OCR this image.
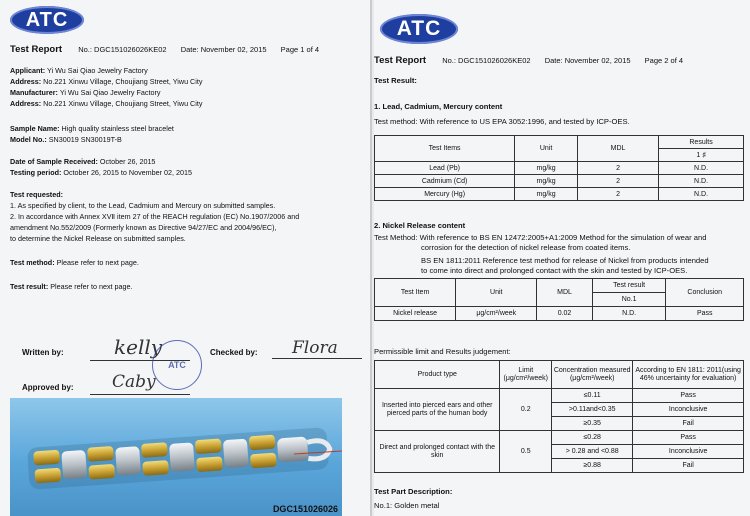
ATC
Test Report No.: DGC151026026KE02 Date: November 02, 2015 Page 1 of 4
Applicant: Yi Wu Sai Qiao Jewelry Factory
Address: No.221 Xinwu Village, Choujiang Street, Yiwu City
Manufacturer: Yi Wu Sai Qiao Jewelry Factory
Address: No.221 Xinwu Village, Choujiang Street, Yiwu City
Sample Name: High quality stainless steel bracelet
Model No.: SN30019 SN30019T-B
Date of Sample Received: October 26, 2015
Testing period: October 26, 2015 to November 02, 2015
Test requested:
1. As specified by client, to the Lead, Cadmium and Mercury on submitted samples.
2. In accordance with Annex XVⅡ item 27 of the REACH regulation (EC) No.1907/2006 and
amendment No.552/2009 (Formerly known as Directive 94/27/EC and 2004/96/EC),
to determine the Nickel Release on submitted samples.
Test method: Please refer to next page.
Test result: Please refer to next page.
Written by:	kelly	Checked by: Flora
ATC
Approved by: Caby
DGC151026026
ATC
Test Report No.: DGC151026026KE02 Date: November 02, 2015 Page 2 of 4
Test Result:
1. Lead, Cadmium, Mercury content
Test method: With reference to US EPA 3052:1996, and tested by ICP-OES.
Test Items	Unit	MDL	Results
			1 ♯
Lead (Pb)	mg/kg	2	N.D.
Cadmium (Cd)	mg/kg	2	N.D.
Mercury (Hg)	mg/kg	2	N.D.
2. Nickel Release content
Test Method: With reference to BS EN 12472:2005+A1:2009 Method for the simulation of wear and
corrosion for the detection of nickel release from coated items.
BS EN 1811:2011 Reference test method for release of Nickel from products intended
to come into direct and prolonged contact with the skin and tested by ICP-OES.
Test Item	Unit	MDL	Test result	Conclusion
			No.1	
Nickel release	μg/cm²/week	0.02	N.D.	Pass
Permissible limit and Results judgement:
Product type	Limit (μg/cm²/week)	Concentration measured (μg/cm²/week)	According to EN 1811: 2011(using 46% uncertainty for evaluation)
Inserted into pierced ears and other pierced parts of the human body	0.2	≤0.11	Pass
		>0.11and<0.35	Inconclusive
		≥0.35	Fail
Direct and prolonged contact with the skin	0.5	≤0.28	Pass
		> 0.28 and <0.88	Inconclusive
		≥0.88	Fail
Test Part Description:
No.1: Golden metal
